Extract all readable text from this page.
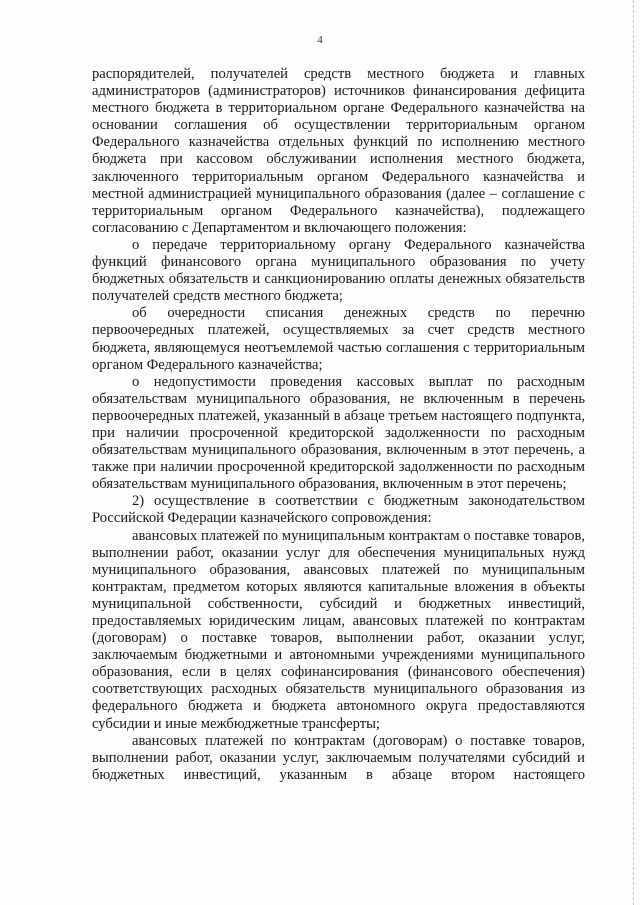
4

распорядителей, получателей средств местного бюджета и главных администраторов (администраторов) источников финансирования дефицита местного бюджета в территориальном органе Федерального казначейства на основании соглашения об осуществлении территориальным органом Федерального казначейства отдельных функций по исполнению местного бюджета при кассовом обслуживании исполнения местного бюджета, заключенного территориальным органом Федерального казначейства и местной администрацией муниципального образования (далее – соглашение с территориальным органом Федерального казначейства), подлежащего согласованию с Департаментом и включающего положения:

о передаче территориальному органу Федерального казначейства функций финансового органа муниципального образования по учету бюджетных обязательств и санкционированию оплаты денежных обязательств получателей средств местного бюджета;

об очередности списания денежных средств по перечню первоочередных платежей, осуществляемых за счет средств местного бюджета, являющемуся неотъемлемой частью соглашения с территориальным органом Федерального казначейства;

о недопустимости проведения кассовых выплат по расходным обязательствам муниципального образования, не включенным в перечень первоочередных платежей, указанный в абзаце третьем настоящего подпункта, при наличии просроченной кредиторской задолженности по расходным обязательствам муниципального образования, включенным в этот перечень, а также при наличии просроченной кредиторской задолженности по расходным обязательствам муниципального образования, включенным в этот перечень;

2) осуществление в соответствии с бюджетным законодательством Российской Федерации казначейского сопровождения:

авансовых платежей по муниципальным контрактам о поставке товаров, выполнении работ, оказании услуг для обеспечения муниципальных нужд муниципального образования, авансовых платежей по муниципальным контрактам, предметом которых являются капитальные вложения в объекты муниципальной собственности, субсидий и бюджетных инвестиций, предоставляемых юридическим лицам, авансовых платежей по контрактам (договорам) о поставке товаров, выполнении работ, оказании услуг, заключаемым бюджетными и автономными учреждениями муниципального образования, если в целях софинансирования (финансового обеспечения) соответствующих расходных обязательств муниципального образования из федерального бюджета и бюджета автономного округа предоставляются субсидии и иные межбюджетные трансферты;

авансовых платежей по контрактам (договорам) о поставке товаров, выполнении работ, оказании услуг, заключаемым получателями субсидий и бюджетных инвестиций, указанным в абзаце втором настоящего
